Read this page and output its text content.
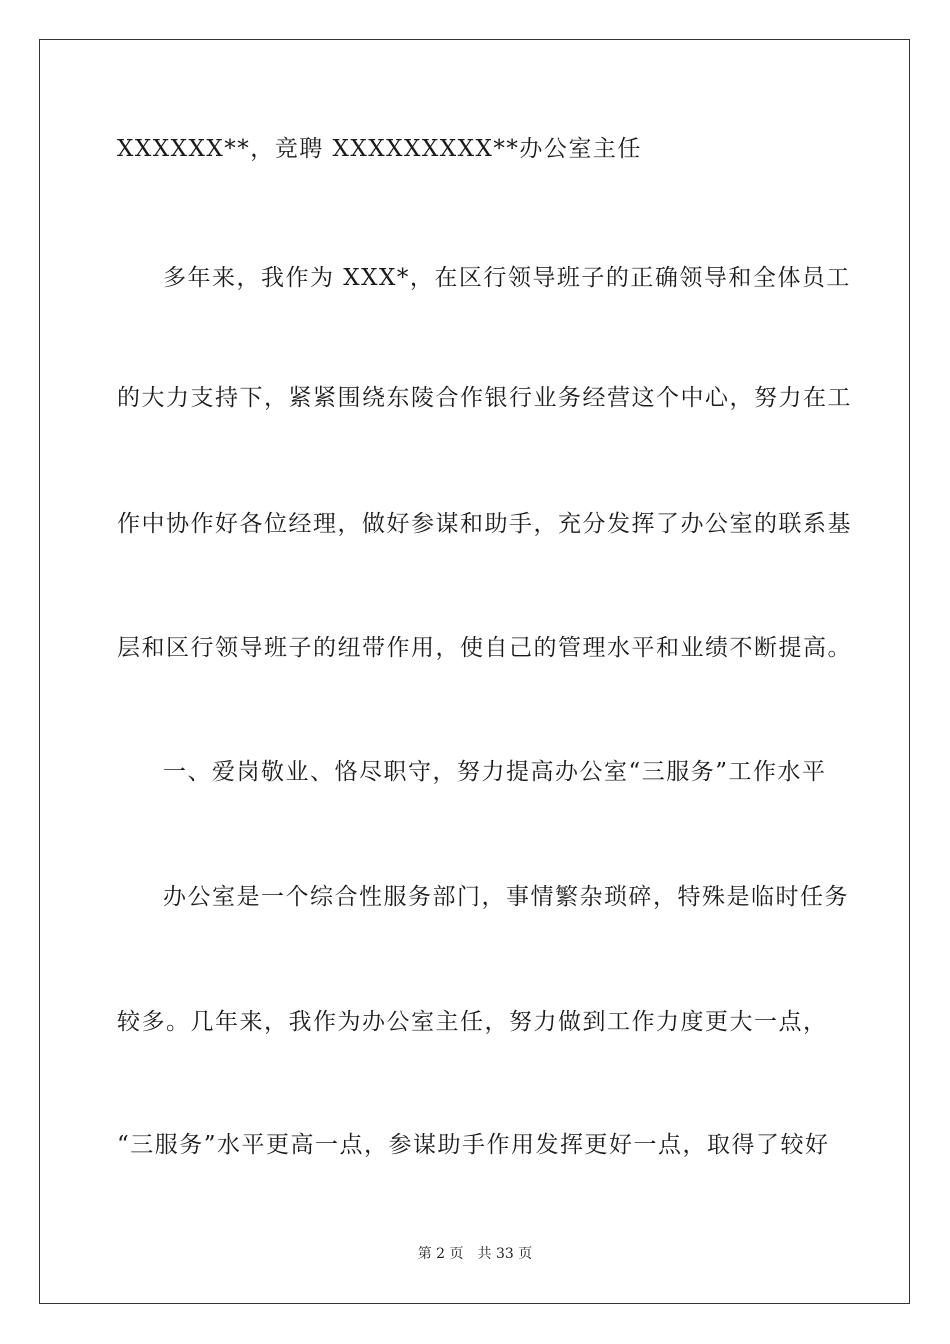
XXXXXX**，竞聘 XXXXXXXXX**办公室主任
多年来，我作为 XXX*，在区行领导班子的正确领导和全体员工
的大力支持下，紧紧围绕东陵合作银行业务经营这个中心，努力在工
作中协作好各位经理，做好参谋和助手，充分发挥了办公室的联系基
层和区行领导班子的纽带作用，使自己的管理水平和业绩不断提高。
一、爱岗敬业、恪尽职守，努力提高办公室“三服务”工作水平
办公室是一个综合性服务部门，事情繁杂琐碎，特殊是临时任务
较多。几年来，我作为办公室主任，努力做到工作力度更大一点，
“三服务”水平更高一点，参谋助手作用发挥更好一点，取得了较好
第 2 页 共 33 页
